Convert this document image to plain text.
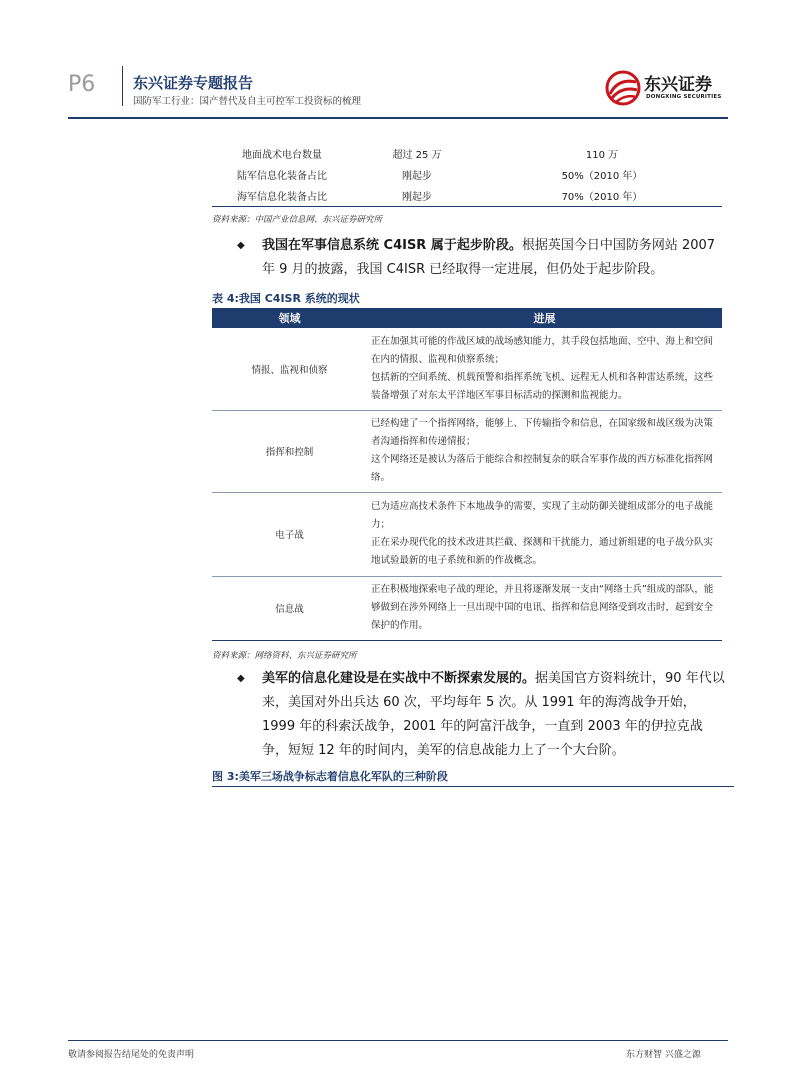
P6	东兴证券专题报告
国防军工行业：国产替代及自主可控军工投资标的梳理
东兴证券
DONGXING SECURITIES
地面战术电台数量	超过 25 万	110 万
陆军信息化装备占比	刚起步	50%（2010 年）
海军信息化装备占比	刚起步	70%（2010 年）
资料来源：中国产业信息网、东兴证券研究所
◆ 我国在军事信息系统 C4ISR 属于起步阶段。根据英国今日中国防务网站 2007 年 9 月的披露，我国 C4ISR 已经取得一定进展，但仍处于起步阶段。
表 4:我国 C4ISR 系统的现状
领域	进展
情报、监视和侦察	正在加强其可能的作战区域的战场感知能力，其手段包括地面、空中、海上和空间在内的情报、监视和侦察系统；
包括新的空间系统、机载预警和指挥系统飞机、远程无人机和各种雷达系统，这些装备增强了对东太平洋地区军事目标活动的探测和监视能力。

指挥和控制	已经构建了一个指挥网络，能够上、下传输指令和信息，在国家级和战区级为决策者沟通指挥和传递情报；
这个网络还是被认为落后于能综合和控制复杂的联合军事作战的西方标准化指挥网络。

电子战	已为适应高技术条件下本地战争的需要，实现了主动防御关键组成部分的电子战能力；
正在采办现代化的技术改进其拦截、探测和干扰能力，通过新组建的电子战分队实地试验最新的电子系统和新的作战概念。

信息战	正在积极地探索电子战的理论，并且将逐渐发展一支由“网络士兵”组成的部队，能够做到在涉外网络上一旦出现中国的电讯、指挥和信息网络受到攻击时，起到安全保护的作用。
资料来源：网络资料、东兴证券研究所
◆ 美军的信息化建设是在实战中不断探索发展的。据美国官方资料统计，90 年代以来，美国对外出兵达 60 次，平均每年 5 次。从 1991 年的海湾战争开始，1999 年的科索沃战争，2001 年的阿富汗战争，一直到 2003 年的伊拉克战争，短短 12 年的时间内，美军的信息战能力上了一个大台阶。
图 3:美军三场战争标志着信息化军队的三种阶段
敬请参阅报告结尾处的免责声明	东方财智 兴盛之源
